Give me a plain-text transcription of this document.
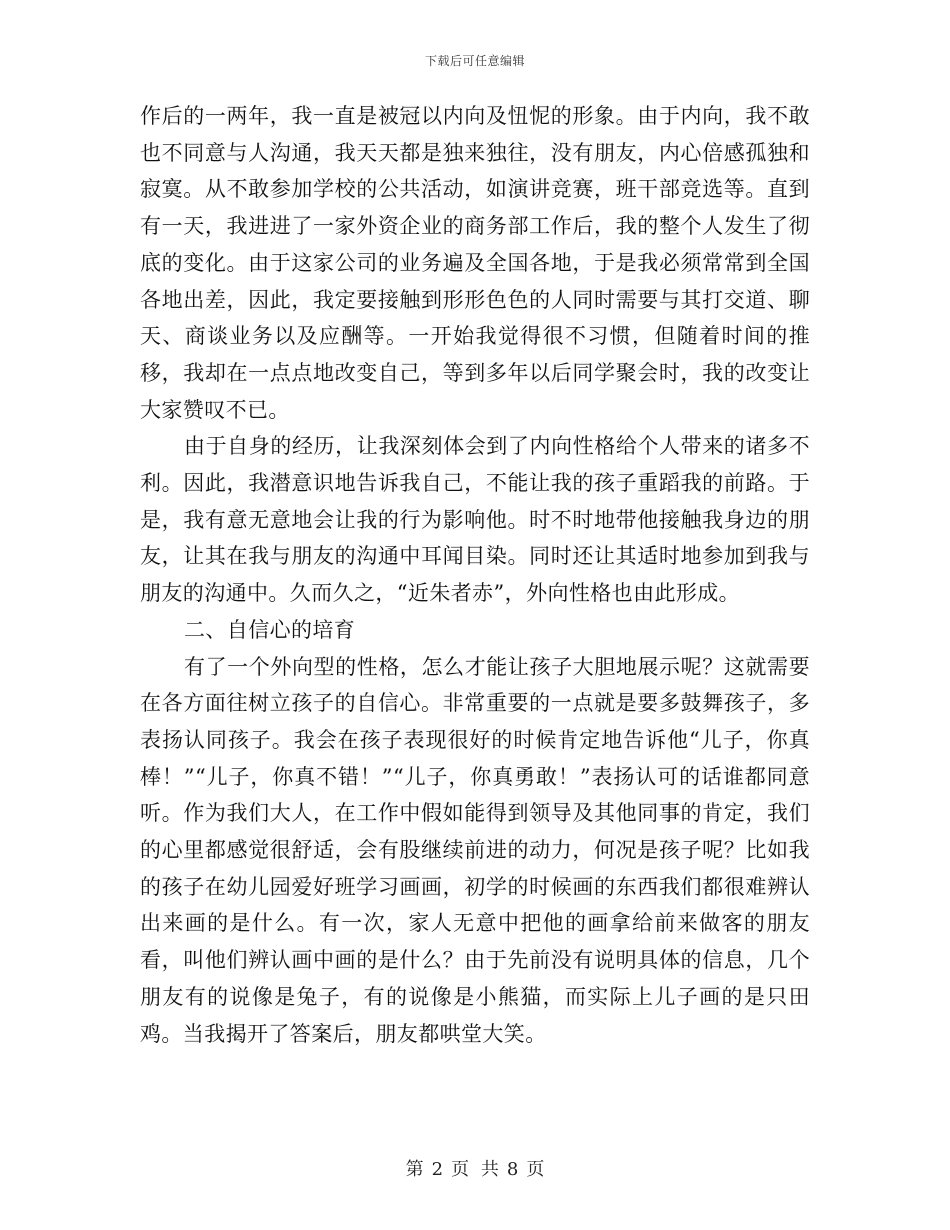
下载后可任意编辑

作后的一两年，我一直是被冠以内向及忸怩的形象。由于内向，我不敢也不同意与人沟通，我天天都是独来独往，没有朋友，内心倍感孤独和寂寞。从不敢参加学校的公共活动，如演讲竞赛，班干部竞选等。直到有一天，我进进了一家外资企业的商务部工作后，我的整个人发生了彻底的变化。由于这家公司的业务遍及全国各地，于是我必须常常到全国各地出差，因此，我定要接触到形形色色的人同时需要与其打交道、聊天、商谈业务以及应酬等。一开始我觉得很不习惯，但随着时间的推移，我却在一点点地改变自己，等到多年以后同学聚会时，我的改变让大家赞叹不已。

由于自身的经历，让我深刻体会到了内向性格给个人带来的诸多不利。因此，我潜意识地告诉我自己，不能让我的孩子重蹈我的前路。于是，我有意无意地会让我的行为影响他。时不时地带他接触我身边的朋友，让其在我与朋友的沟通中耳闻目染。同时还让其适时地参加到我与朋友的沟通中。久而久之，“近朱者赤”，外向性格也由此形成。

二、自信心的培育

有了一个外向型的性格，怎么才能让孩子大胆地展示呢？这就需要在各方面往树立孩子的自信心。非常重要的一点就是要多鼓舞孩子，多表扬认同孩子。我会在孩子表现很好的时候肯定地告诉他“儿子，你真棒！”“儿子，你真不错！”“儿子，你真勇敢！”表扬认可的话谁都同意听。作为我们大人，在工作中假如能得到领导及其他同事的肯定，我们的心里都感觉很舒适，会有股继续前进的动力，何况是孩子呢？比如我的孩子在幼儿园爱好班学习画画，初学的时候画的东西我们都很难辨认出来画的是什么。有一次，家人无意中把他的画拿给前来做客的朋友看，叫他们辨认画中画的是什么？由于先前没有说明具体的信息，几个朋友有的说像是兔子，有的说像是小熊猫，而实际上儿子画的是只田鸡。当我揭开了答案后，朋友都哄堂大笑。

第 2 页 共 8 页
